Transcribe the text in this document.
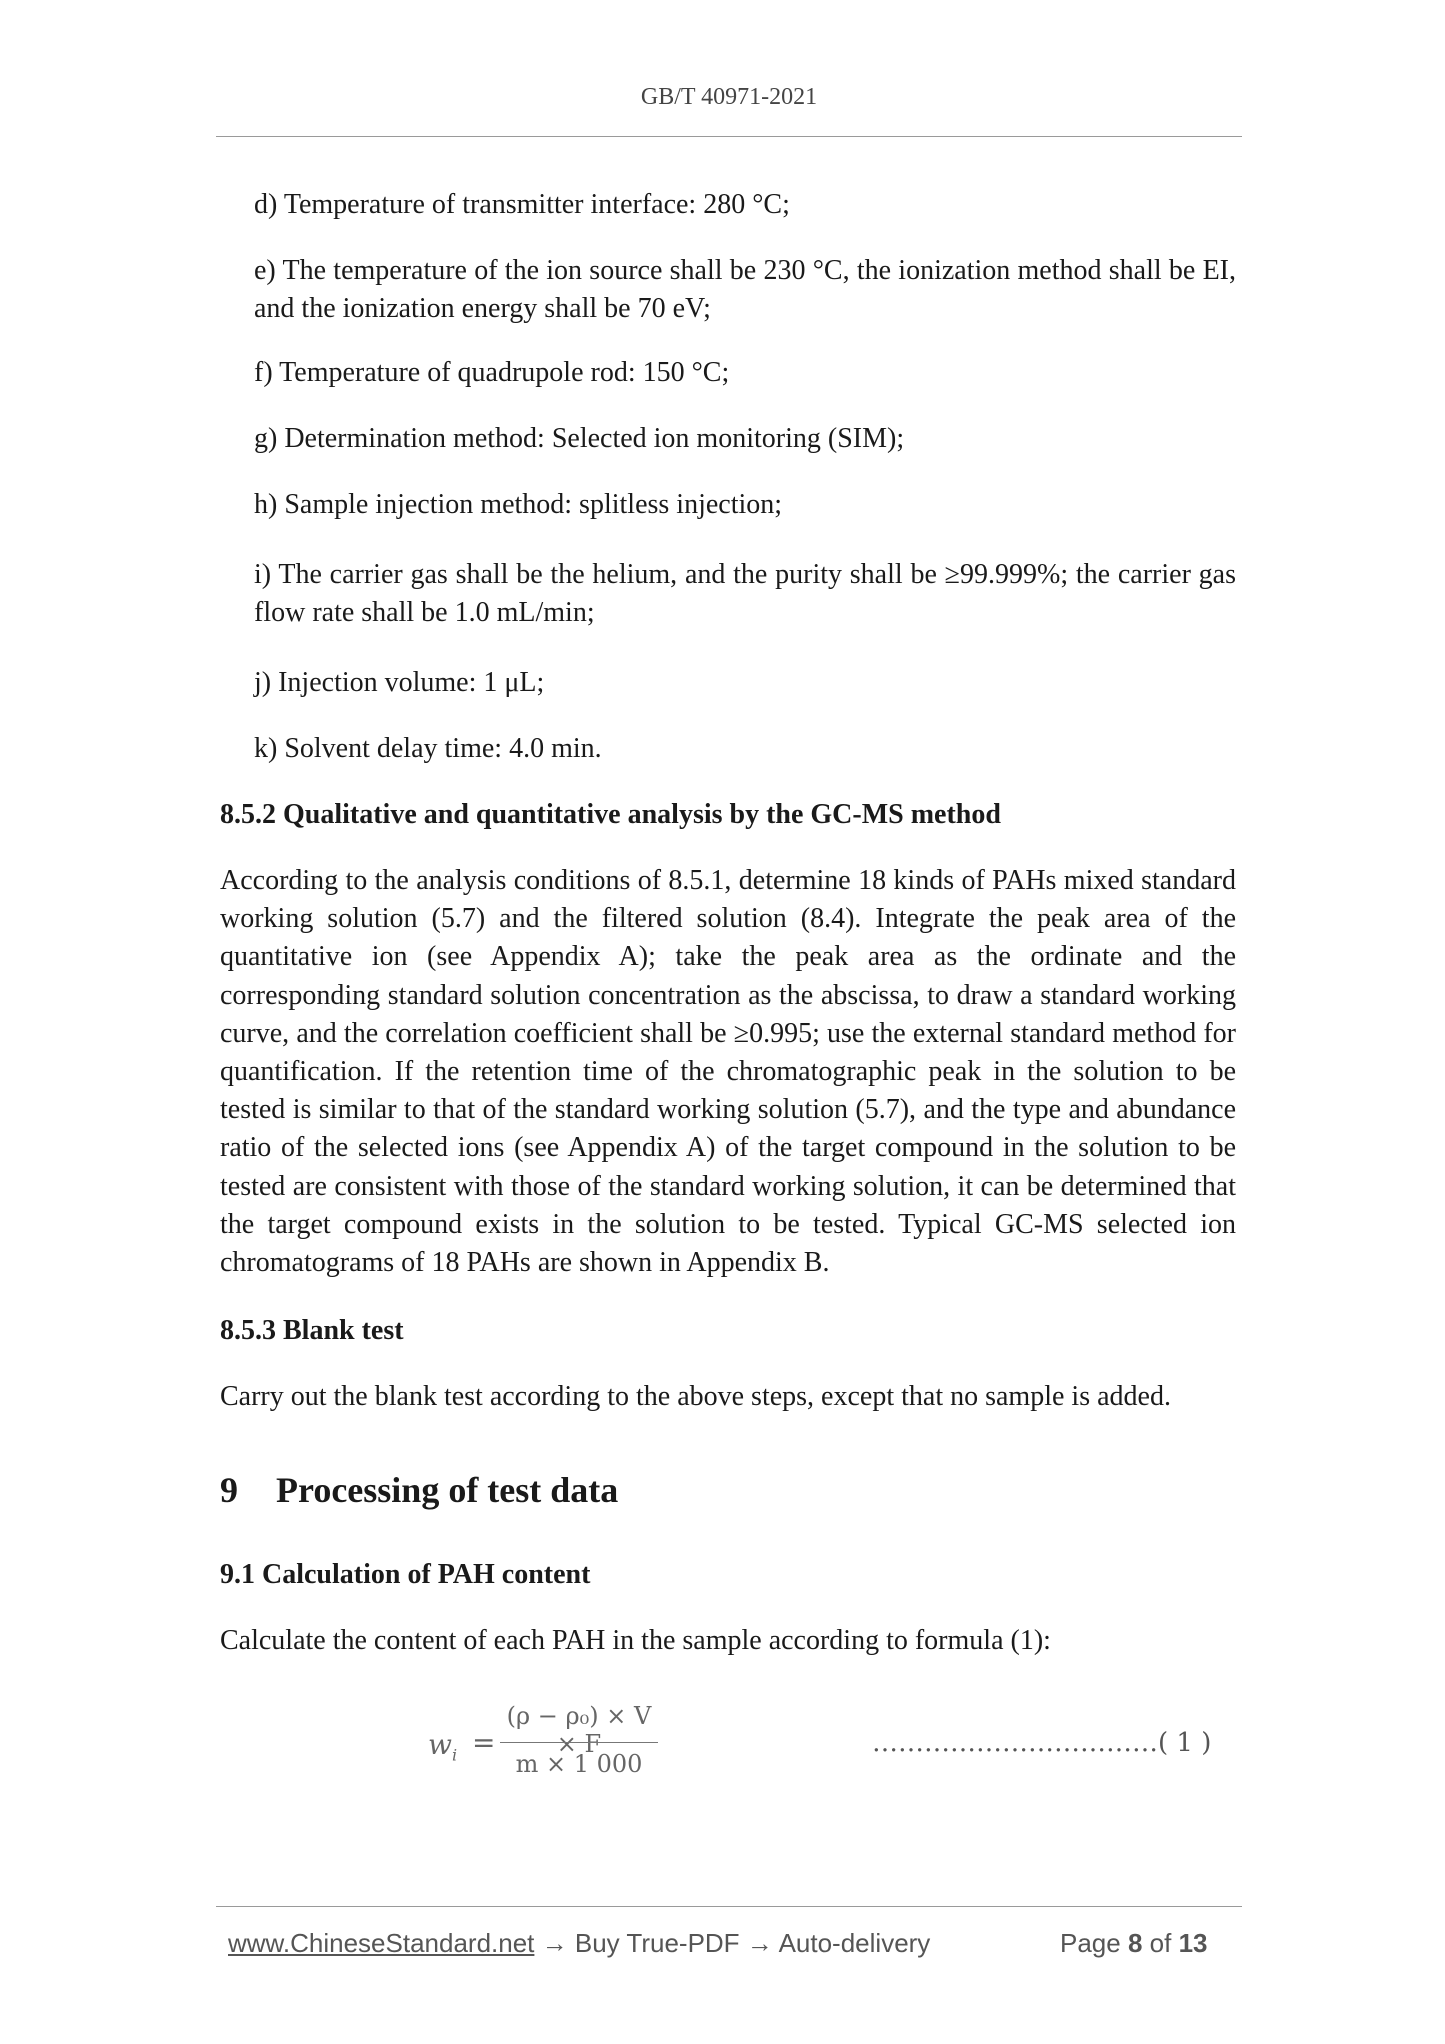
GB/T 40971-2021
d) Temperature of transmitter interface: 280 °C;
e) The temperature of the ion source shall be 230 °C, the ionization method shall be EI, and the ionization energy shall be 70 eV;
f) Temperature of quadrupole rod: 150 °C;
g) Determination method: Selected ion monitoring (SIM);
h) Sample injection method: splitless injection;
i) The carrier gas shall be the helium, and the purity shall be ≥99.999%; the carrier gas flow rate shall be 1.0 mL/min;
j) Injection volume: 1 μL;
k) Solvent delay time: 4.0 min.
8.5.2 Qualitative and quantitative analysis by the GC-MS method
According to the analysis conditions of 8.5.1, determine 18 kinds of PAHs mixed standard working solution (5.7) and the filtered solution (8.4). Integrate the peak area of the quantitative ion (see Appendix A); take the peak area as the ordinate and the corresponding standard solution concentration as the abscissa, to draw a standard working curve, and the correlation coefficient shall be ≥0.995; use the external standard method for quantification. If the retention time of the chromatographic peak in the solution to be tested is similar to that of the standard working solution (5.7), and the type and abundance ratio of the selected ions (see Appendix A) of the target compound in the solution to be tested are consistent with those of the standard working solution, it can be determined that the target compound exists in the solution to be tested. Typical GC-MS selected ion chromatograms of 18 PAHs are shown in Appendix B.
8.5.3 Blank test
Carry out the blank test according to the above steps, except that no sample is added.
9 Processing of test data
9.1 Calculation of PAH content
Calculate the content of each PAH in the sample according to formula (1):
$w_i$ =
(ρ − ρ₀) × V × F
m × 1 000
……………………………( 1 )
www.ChineseStandard.net → Buy True-PDF → Auto-delivery	Page 8 of 13
